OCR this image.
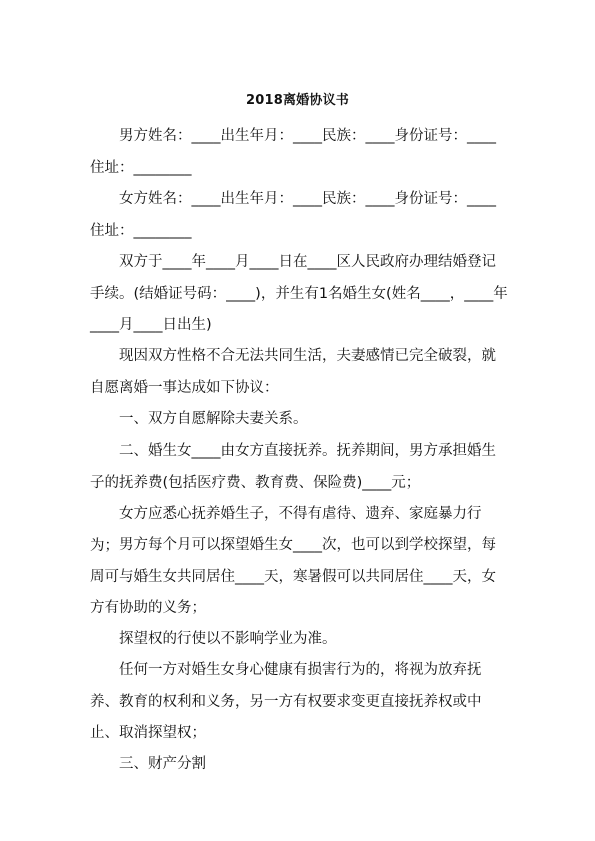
2018离婚协议书

男方姓名：____出生年月：____民族：____身份证号：____住址：________

女方姓名：____出生年月：____民族：____身份证号：____住址：________

双方于____年____月____日在____区人民政府办理结婚登记手续。(结婚证号码：____)，并生有1名婚生女(姓名____，____年____月____日出生)

现因双方性格不合无法共同生活，夫妻感情已完全破裂，就自愿离婚一事达成如下协议：

一、双方自愿解除夫妻关系。

二、婚生女____由女方直接抚养。抚养期间，男方承担婚生子的抚养费(包括医疗费、教育费、保险费)____元；

女方应悉心抚养婚生子，不得有虐待、遗弃、家庭暴力行为； 男方每个月可以探望婚生女____次，也可以到学校探望，每周可与婚生女共同居住____天，寒暑假可以共同居住____天，女方有协助的义务；

探望权的行使以不影响学业为准。

任何一方对婚生女身心健康有损害行为的，将视为放弃抚养、教育的权利和义务，另一方有权要求变更直接抚养权或中止、取消探望权；

三、财产分割
